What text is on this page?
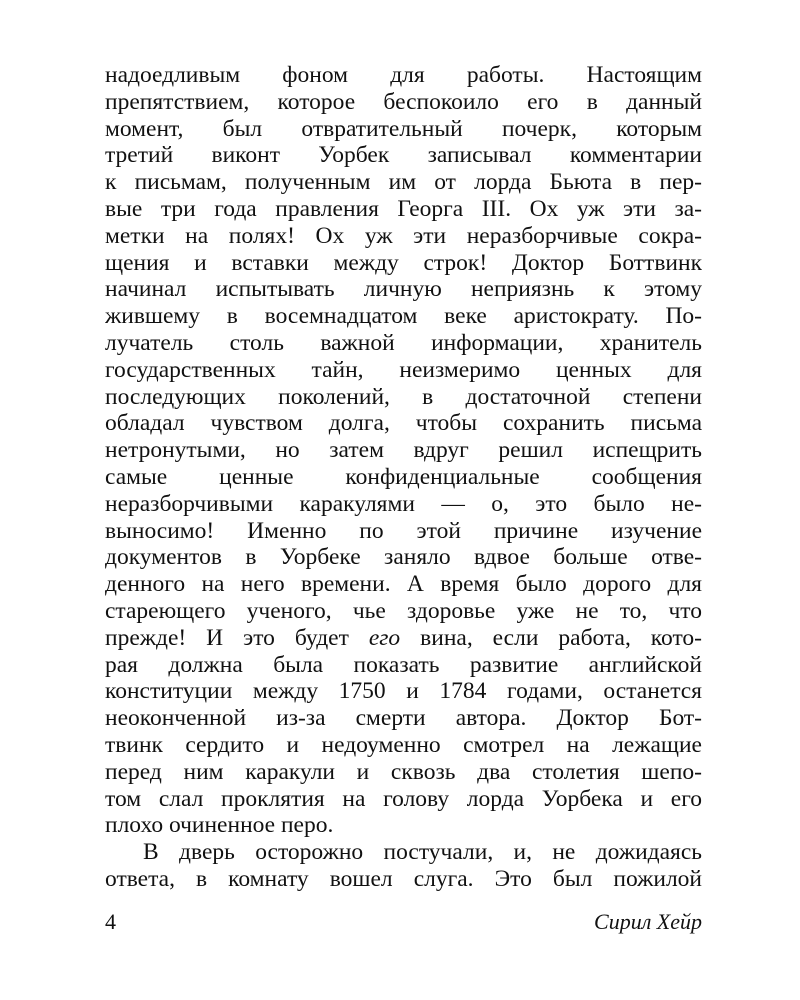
надоедливым фоном для работы. Настоящим
препятствием, которое беспокоило его в данный
момент, был отвратительный почерк, которым
третий виконт Уорбек записывал комментарии
к письмам, полученным им от лорда Бьюта в пер-
вые три года правления Георга III. Ох уж эти за-
метки на полях! Ох уж эти неразборчивые сокра-
щения и вставки между строк! Доктор Боттвинк
начинал испытывать личную неприязнь к этому
жившему в восемнадцатом веке аристократу. По-
лучатель столь важной информации, хранитель
государственных тайн, неизмеримо ценных для
последующих поколений, в достаточной степени
обладал чувством долга, чтобы сохранить письма
нетронутыми, но затем вдруг решил испещрить
самые ценные конфиденциальные сообщения
неразборчивыми каракулями — о, это было не-
выносимо! Именно по этой причине изучение
документов в Уорбеке заняло вдвое больше отве-
денного на него времени. А время было дорого для
стареющего ученого, чье здоровье уже не то, что
прежде! И это будет его вина, если работа, кото-
рая должна была показать развитие английской
конституции между 1750 и 1784 годами, останется
неоконченной из-за смерти автора. Доктор Бот-
твинк сердито и недоуменно смотрел на лежащие
перед ним каракули и сквозь два столетия шепо-
том слал проклятия на голову лорда Уорбека и его
плохо очиненное перо.
В дверь осторожно постучали, и, не дожидаясь
ответа, в комнату вошел слуга. Это был пожилой
4	Сирил Хейр
